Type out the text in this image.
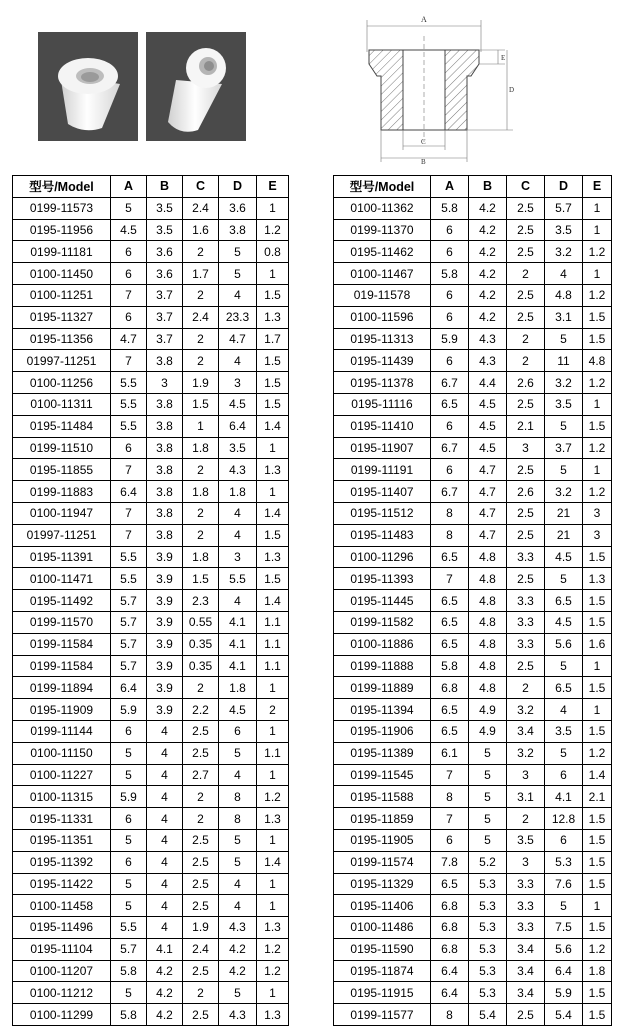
A
E
D
C
B
型号/Model	A	B	C	D	E
0199-11573	5	3.5	2.4	3.6	1
0195-11956	4.5	3.5	1.6	3.8	1.2
0199-11181	6	3.6	2	5	0.8
0100-11450	6	3.6	1.7	5	1
0100-11251	7	3.7	2	4	1.5
0195-11327	6	3.7	2.4	23.3	1.3
0195-11356	4.7	3.7	2	4.7	1.7
01997-11251	7	3.8	2	4	1.5
0100-11256	5.5	3	1.9	3	1.5
0100-11311	5.5	3.8	1.5	4.5	1.5
0195-11484	5.5	3.8	1	6.4	1.4
0199-11510	6	3.8	1.8	3.5	1
0195-11855	7	3.8	2	4.3	1.3
0199-11883	6.4	3.8	1.8	1.8	1
0100-11947	7	3.8	2	4	1.4
01997-11251	7	3.8	2	4	1.5
0195-11391	5.5	3.9	1.8	3	1.3
0100-11471	5.5	3.9	1.5	5.5	1.5
0195-11492	5.7	3.9	2.3	4	1.4
0199-11570	5.7	3.9	0.55	4.1	1.1
0199-11584	5.7	3.9	0.35	4.1	1.1
0199-11584	5.7	3.9	0.35	4.1	1.1
0199-11894	6.4	3.9	2	1.8	1
0195-11909	5.9	3.9	2.2	4.5	2
0199-11144	6	4	2.5	6	1
0100-11150	5	4	2.5	5	1.1
0100-11227	5	4	2.7	4	1
0100-11315	5.9	4	2	8	1.2
0195-11331	6	4	2	8	1.3
0195-11351	5	4	2.5	5	1
0195-11392	6	4	2.5	5	1.4
0195-11422	5	4	2.5	4	1
0100-11458	5	4	2.5	4	1
0195-11496	5.5	4	1.9	4.3	1.3
0195-11104	5.7	4.1	2.4	4.2	1.2
0100-11207	5.8	4.2	2.5	4.2	1.2
0100-11212	5	4.2	2	5	1
0100-11299	5.8	4.2	2.5	4.3	1.3
型号/Model	A	B	C	D	E
0100-11362	5.8	4.2	2.5	5.7	1
0199-11370	6	4.2	2.5	3.5	1
0195-11462	6	4.2	2.5	3.2	1.2
0100-11467	5.8	4.2	2	4	1
019-11578	6	4.2	2.5	4.8	1.2
0100-11596	6	4.2	2.5	3.1	1.5
0195-11313	5.9	4.3	2	5	1.5
0195-11439	6	4.3	2	11	4.8
0195-11378	6.7	4.4	2.6	3.2	1.2
0195-11116	6.5	4.5	2.5	3.5	1
0195-11410	6	4.5	2.1	5	1.5
0195-11907	6.7	4.5	3	3.7	1.2
0199-11191	6	4.7	2.5	5	1
0195-11407	6.7	4.7	2.6	3.2	1.2
0195-11512	8	4.7	2.5	21	3
0195-11483	8	4.7	2.5	21	3
0100-11296	6.5	4.8	3.3	4.5	1.5
0195-11393	7	4.8	2.5	5	1.3
0195-11445	6.5	4.8	3.3	6.5	1.5
0199-11582	6.5	4.8	3.3	4.5	1.5
0100-11886	6.5	4.8	3.3	5.6	1.6
0199-11888	5.8	4.8	2.5	5	1
0199-11889	6.8	4.8	2	6.5	1.5
0195-11394	6.5	4.9	3.2	4	1
0195-11906	6.5	4.9	3.4	3.5	1.5
0195-11389	6.1	5	3.2	5	1.2
0199-11545	7	5	3	6	1.4
0195-11588	8	5	3.1	4.1	2.1
0195-11859	7	5	2	12.8	1.5
0195-11905	6	5	3.5	6	1.5
0199-11574	7.8	5.2	3	5.3	1.5
0195-11329	6.5	5.3	3.3	7.6	1.5
0195-11406	6.8	5.3	3.3	5	1
0100-11486	6.8	5.3	3.3	7.5	1.5
0195-11590	6.8	5.3	3.4	5.6	1.2
0195-11874	6.4	5.3	3.4	6.4	1.8
0195-11915	6.4	5.3	3.4	5.9	1.5
0199-11577	8	5.4	2.5	5.4	1.5
